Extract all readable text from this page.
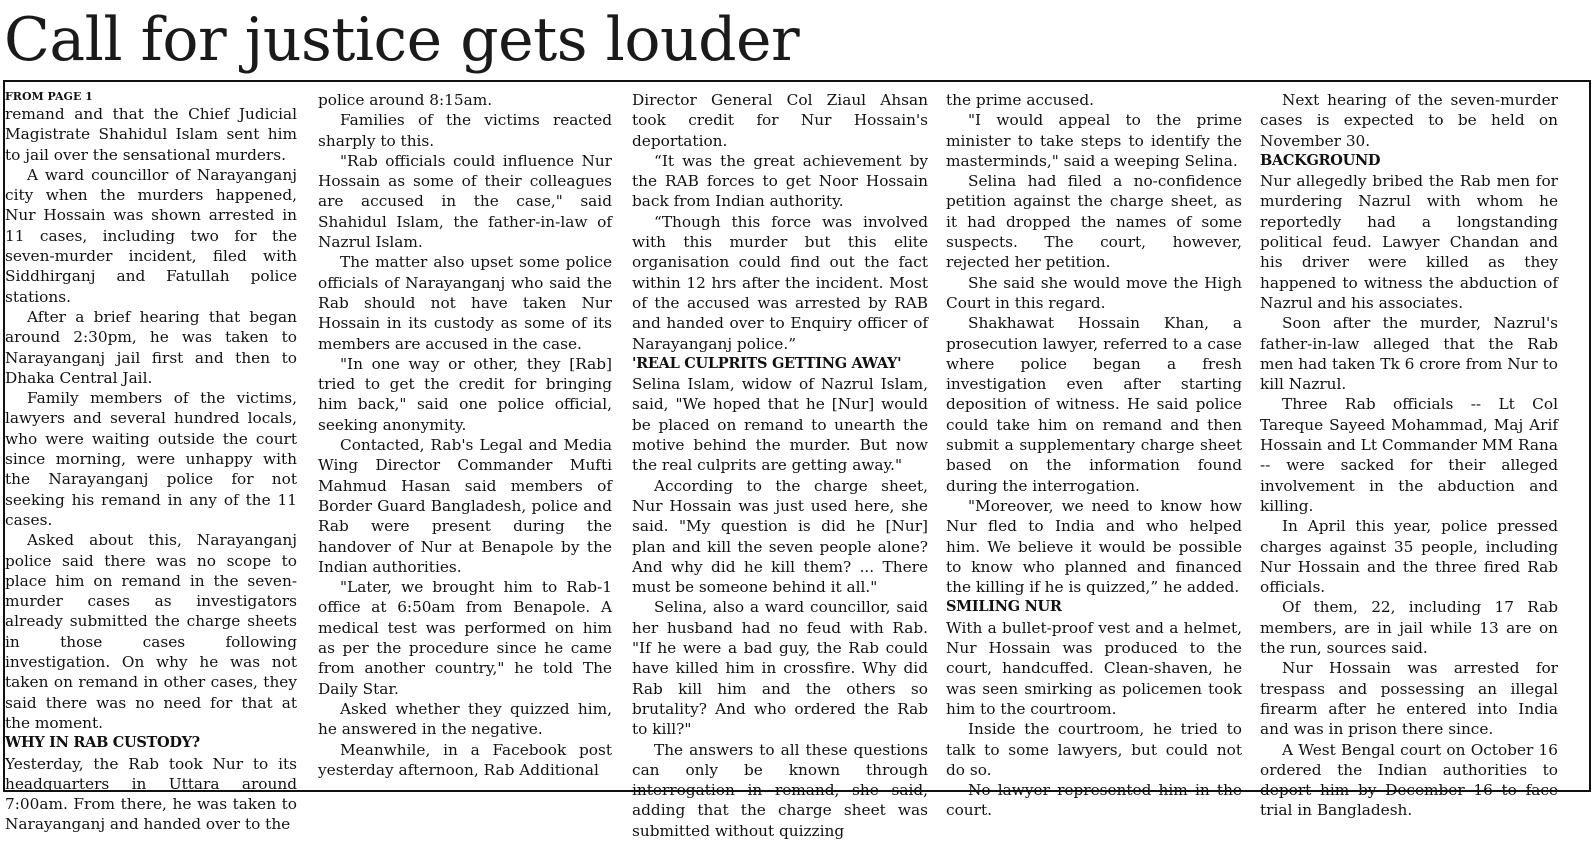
Call for justice gets louder

FROM PAGE 1

remand and that the Chief Judicial Magistrate Shahidul Islam sent him to jail over the sensational murders.

A ward councillor of Narayanganj city when the murders happened, Nur Hossain was shown arrested in 11 cases, including two for the seven-murder incident, filed with Siddhirganj and Fatullah police stations.

After a brief hearing that began around 2:30pm, he was taken to Narayanganj jail first and then to Dhaka Central Jail.

Family members of the victims, lawyers and several hundred locals, who were waiting outside the court since morning, were unhappy with the Narayanganj police for not seeking his remand in any of the 11 cases.

Asked about this, Narayanganj police said there was no scope to place him on remand in the seven-murder cases as investigators already submitted the charge sheets in those cases following investigation. On why he was not taken on remand in other cases, they said there was no need for that at the moment.

WHY IN RAB CUSTODY?

Yesterday, the Rab took Nur to its headquarters in Uttara around 7:00am. From there, he was taken to Narayanganj and handed over to the

police around 8:15am.

Families of the victims reacted sharply to this.

"Rab officials could influence Nur Hossain as some of their colleagues are accused in the case," said Shahidul Islam, the father-in-law of Nazrul Islam.

The matter also upset some police officials of Narayanganj who said the Rab should not have taken Nur Hossain in its custody as some of its members are accused in the case.

"In one way or other, they [Rab] tried to get the credit for bringing him back," said one police official, seeking anonymity.

Contacted, Rab's Legal and Media Wing Director Commander Mufti Mahmud Hasan said members of Border Guard Bangladesh, police and Rab were present during the handover of Nur at Benapole by the Indian authorities.

"Later, we brought him to Rab-1 office at 6:50am from Benapole. A medical test was performed on him as per the procedure since he came from another country," he told The Daily Star.

Asked whether they quizzed him, he answered in the negative.

Meanwhile, in a Facebook post yesterday afternoon, Rab Additional

Director General Col Ziaul Ahsan took credit for Nur Hossain's deportation.

“It was the great achievement by the RAB forces to get Noor Hossain back from Indian authority.

“Though this force was involved with this murder but this elite organisation could find out the fact within 12 hrs after the incident. Most of the accused was arrested by RAB and handed over to Enquiry officer of Narayanganj police.”

'REAL CULPRITS GETTING AWAY'

Selina Islam, widow of Nazrul Islam, said, "We hoped that he [Nur] would be placed on remand to unearth the motive behind the murder. But now the real culprits are getting away."

According to the charge sheet, Nur Hossain was just used here, she said. "My question is did he [Nur] plan and kill the seven people alone? And why did he kill them? ... There must be someone behind it all."

Selina, also a ward councillor, said her husband had no feud with Rab. "If he were a bad guy, the Rab could have killed him in crossfire. Why did Rab kill him and the others so brutality? And who ordered the Rab to kill?"

The answers to all these questions can only be known through interrogation in remand, she said, adding that the charge sheet was submitted without quizzing

the prime accused.

"I would appeal to the prime minister to take steps to identify the masterminds," said a weeping Selina.

Selina had filed a no-confidence petition against the charge sheet, as it had dropped the names of some suspects. The court, however, rejected her petition.

She said she would move the High Court in this regard.

Shakhawat Hossain Khan, a prosecution lawyer, referred to a case where police began a fresh investigation even after starting deposition of witness. He said police could take him on remand and then submit a supplementary charge sheet based on the information found during the interrogation.

"Moreover, we need to know how Nur fled to India and who helped him. We believe it would be possible to know who planned and financed the killing if he is quizzed,” he added.

SMILING NUR

With a bullet-proof vest and a helmet, Nur Hossain was produced to the court, handcuffed. Clean-shaven, he was seen smirking as policemen took him to the courtroom.

Inside the courtroom, he tried to talk to some lawyers, but could not do so.

No lawyer represented him in the court.

Next hearing of the seven-murder cases is expected to be held on November 30.

BACKGROUND

Nur allegedly bribed the Rab men for murdering Nazrul with whom he reportedly had a longstanding political feud. Lawyer Chandan and his driver were killed as they happened to witness the abduction of Nazrul and his associates.

Soon after the murder, Nazrul's father-in-law alleged that the Rab men had taken Tk 6 crore from Nur to kill Nazrul.

Three Rab officials -- Lt Col Tareque Sayeed Mohammad, Maj Arif Hossain and Lt Commander MM Rana -- were sacked for their alleged involvement in the abduction and killing.

In April this year, police pressed charges against 35 people, including Nur Hossain and the three fired Rab officials.

Of them, 22, including 17 Rab members, are in jail while 13 are on the run, sources said.

Nur Hossain was arrested for trespass and possessing an illegal firearm after he entered into India and was in prison there since.

A West Bengal court on October 16 ordered the Indian authorities to deport him by December 16 to face trial in Bangladesh.
